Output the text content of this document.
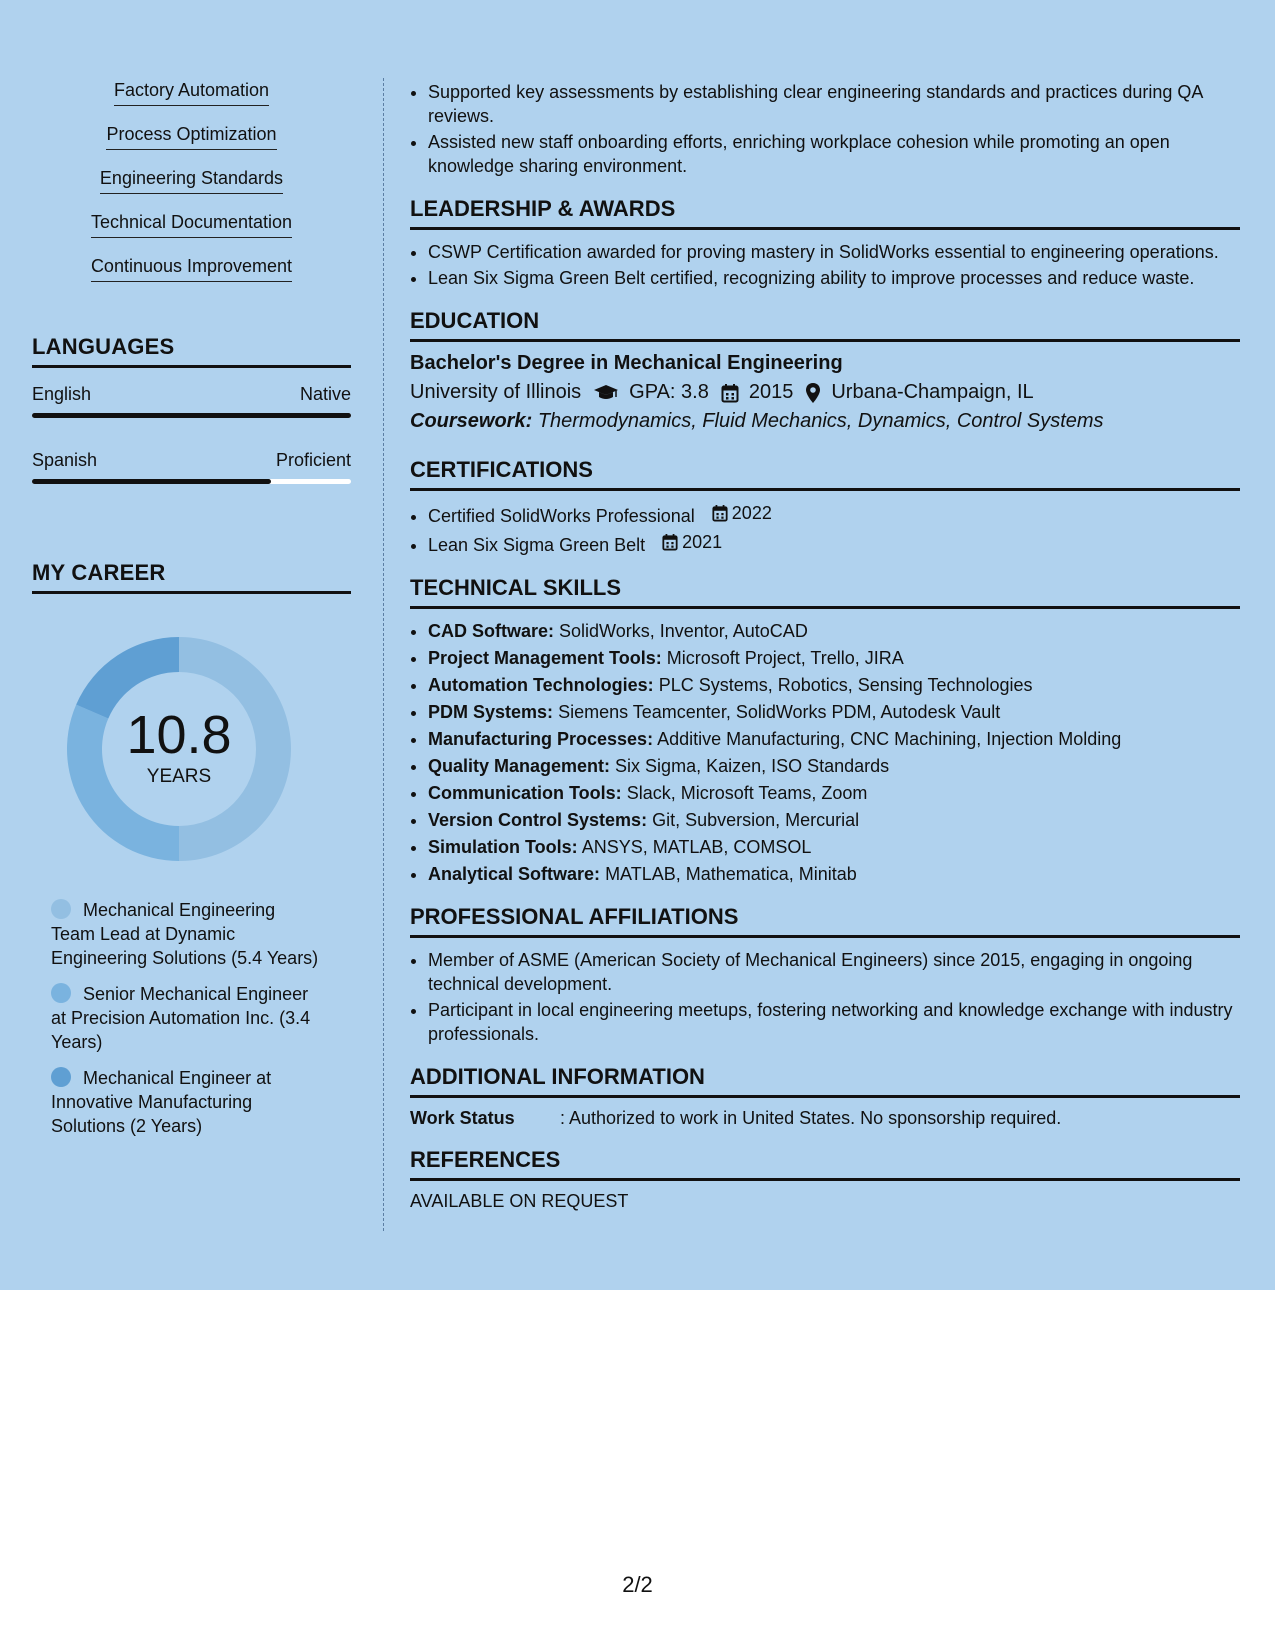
Factory Automation
Process Optimization
Engineering Standards
Technical Documentation
Continuous Improvement
LANGUAGES
English	Native
Spanish	Proficient
MY CAREER
10.8
YEARS
Mechanical Engineering Team Lead at Dynamic Engineering Solutions (5.4 Years)
Senior Mechanical Engineer at Precision Automation Inc. (3.4 Years)
Mechanical Engineer at Innovative Manufacturing Solutions (2 Years)
• Supported key assessments by establishing clear engineering standards and practices during QA reviews.
• Assisted new staff onboarding efforts, enriching workplace cohesion while promoting an open knowledge sharing environment.
LEADERSHIP & AWARDS
• CSWP Certification awarded for proving mastery in SolidWorks essential to engineering operations.
• Lean Six Sigma Green Belt certified, recognizing ability to improve processes and reduce waste.
EDUCATION
Bachelor's Degree in Mechanical Engineering
University of Illinois GPA: 3.8 2015 Urbana-Champaign, IL
Coursework: Thermodynamics, Fluid Mechanics, Dynamics, Control Systems
CERTIFICATIONS
• Certified SolidWorks Professional 2022
• Lean Six Sigma Green Belt 2021
TECHNICAL SKILLS
• CAD Software: SolidWorks, Inventor, AutoCAD
• Project Management Tools: Microsoft Project, Trello, JIRA
• Automation Technologies: PLC Systems, Robotics, Sensing Technologies
• PDM Systems: Siemens Teamcenter, SolidWorks PDM, Autodesk Vault
• Manufacturing Processes: Additive Manufacturing, CNC Machining, Injection Molding
• Quality Management: Six Sigma, Kaizen, ISO Standards
• Communication Tools: Slack, Microsoft Teams, Zoom
• Version Control Systems: Git, Subversion, Mercurial
• Simulation Tools: ANSYS, MATLAB, COMSOL
• Analytical Software: MATLAB, Mathematica, Minitab
PROFESSIONAL AFFILIATIONS
• Member of ASME (American Society of Mechanical Engineers) since 2015, engaging in ongoing technical development.
• Participant in local engineering meetups, fostering networking and knowledge exchange with industry professionals.
ADDITIONAL INFORMATION
Work Status	: Authorized to work in United States. No sponsorship required.
REFERENCES
AVAILABLE ON REQUEST
2/2
